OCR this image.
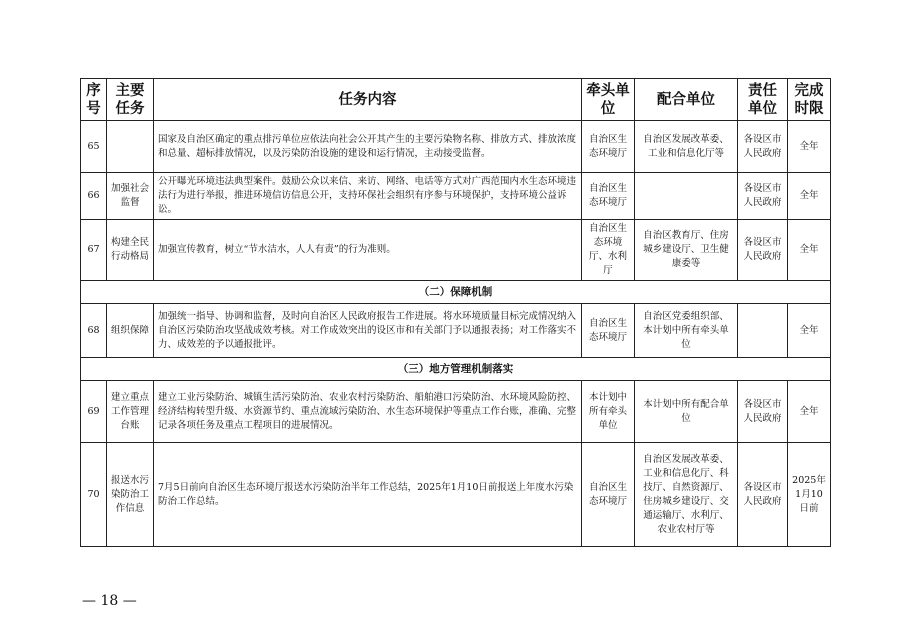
序号	主要任务	任务内容	牵头单位	配合单位	责任单位	完成时限
65		国家及自治区确定的重点排污单位应依法向社会公开其产生的主要污染物名称、排放方式、排放浓度和总量、超标排放情况，以及污染防治设施的建设和运行情况，主动接受监督。	自治区生态环境厅	自治区发展改革委、工业和信息化厅等	各设区市人民政府	全年
66	加强社会监督	公开曝光环境违法典型案件。鼓励公众以来信、来访、网络、电话等方式对广西范围内水生态环境违法行为进行举报，推进环境信访信息公开，支持环保社会组织有序参与环境保护，支持环境公益诉讼。	自治区生态环境厅		各设区市人民政府	全年
67	构建全民行动格局	加强宣传教育，树立“节水洁水，人人有责”的行为准则。	自治区生态环境厅、水利厅	自治区教育厅、住房城乡建设厅、卫生健康委等	各设区市人民政府	全年
（二）保障机制						
68	组织保障	加强统一指导、协调和监督，及时向自治区人民政府报告工作进展。将水环境质量目标完成情况纳入自治区污染防治攻坚战成效考核。对工作成效突出的设区市和有关部门予以通报表扬；对工作落实不力、成效差的予以通报批评。	自治区生态环境厅	自治区党委组织部、本计划中所有牵头单位		全年
（三）地方管理机制落实						
69	建立重点工作管理台账	建立工业污染防治、城镇生活污染防治、农业农村污染防治、船舶港口污染防治、水环境风险防控、经济结构转型升级、水资源节约、重点流域污染防治、水生态环境保护等重点工作台账，准确、完整记录各项任务及重点工程项目的进展情况。	本计划中所有牵头单位	本计划中所有配合单位	各设区市人民政府	全年
70	报送水污染防治工作信息	7月5日前向自治区生态环境厅报送水污染防治半年工作总结，2025年1月10日前报送上年度水污染防治工作总结。	自治区生态环境厅	自治区发展改革委、工业和信息化厅、科技厅、自然资源厅、住房城乡建设厅、交通运输厅、水利厅、农业农村厅等	各设区市人民政府	2025年1月10日前
— 18 —
